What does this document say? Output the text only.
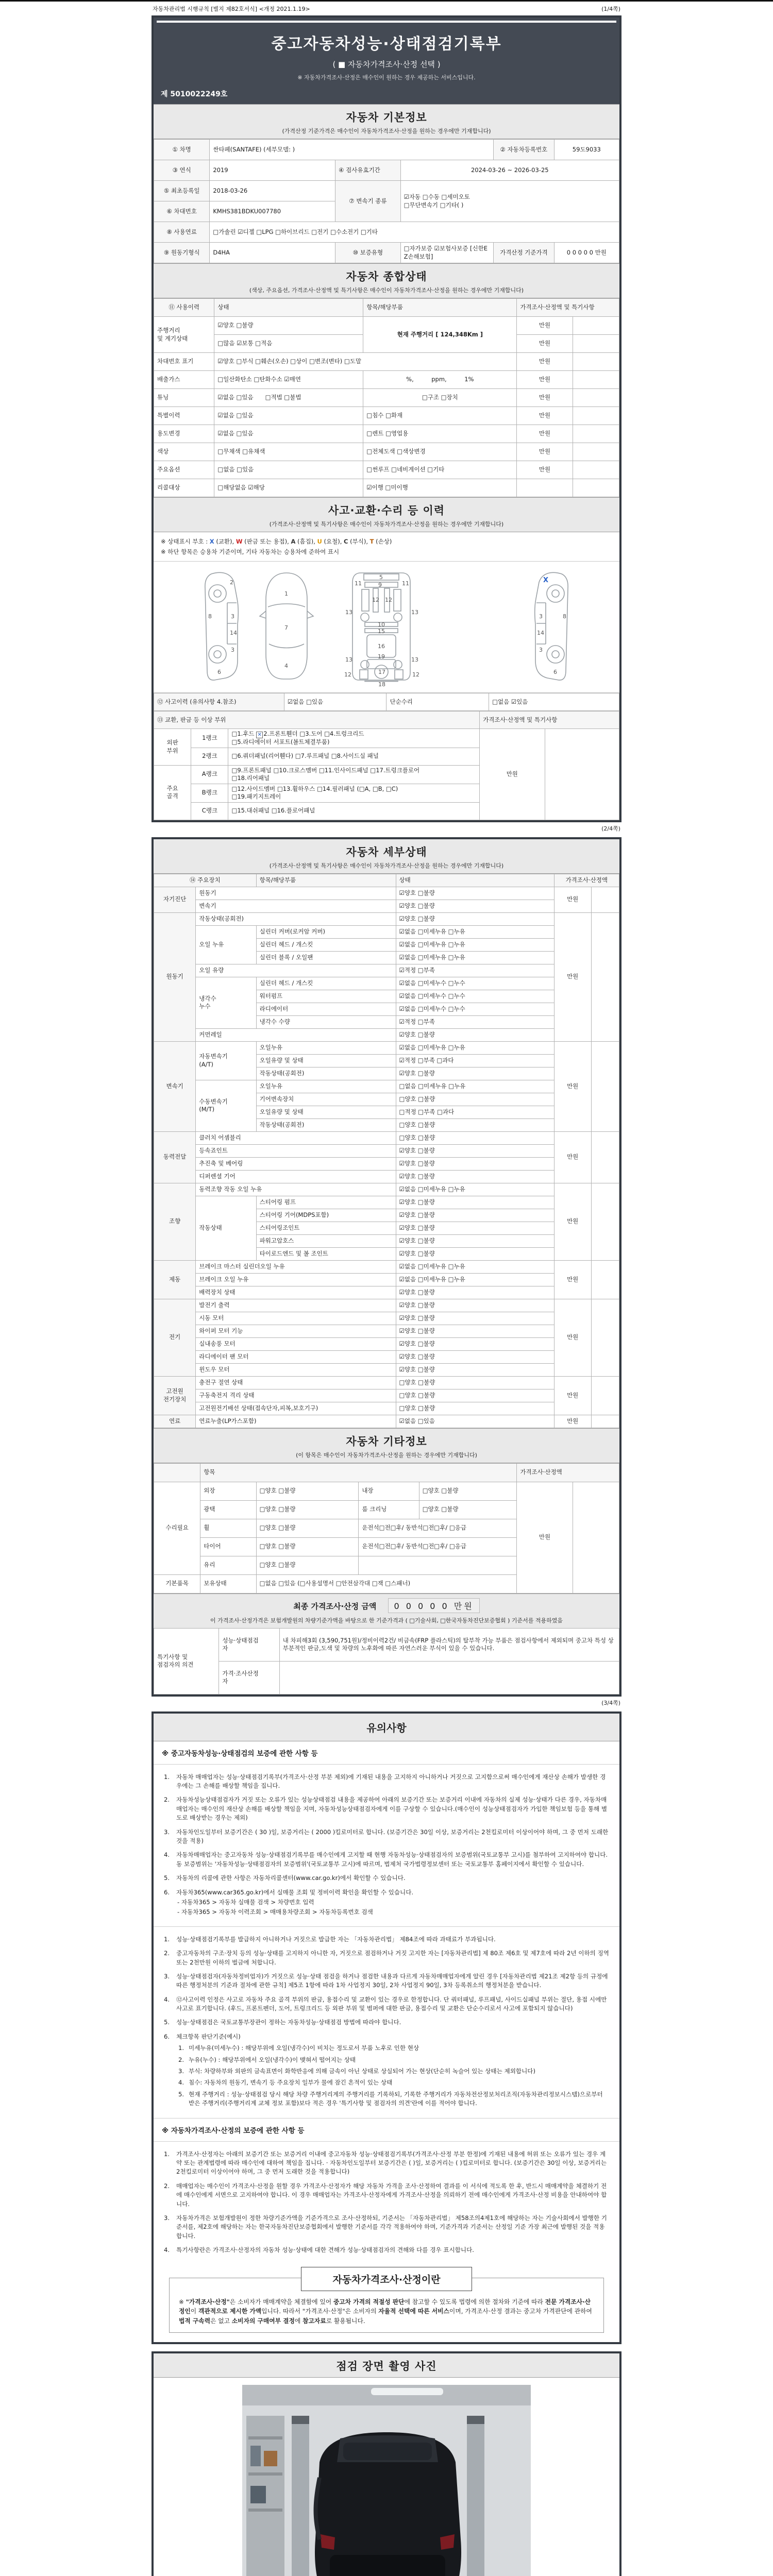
자동차관리법 시행규칙 [별지 제82호서식] <개정 2021.1.19>	(1/4쪽)
중고자동차성능·상태점검기록부
( ■ 자동차가격조사·산정 선택 )
※ 자동차가격조사·산정은 매수인이 원하는 경우 제공하는 서비스입니다.
제 5010022249호
자동차 기본정보
(가격산정 기준가격은 매수인이 자동차가격조사·산정을 원하는 경우에만 기재합니다)
① 차명	싼타페(SANTAFE) (세부모델: )			② 자동차등록번호	59도9033
③ 연식	2019	④ 검사유효기간	2024-03-26 ~ 2026-03-25		
⑤ 최초등록일	2018-03-26	⑦ 변속기 종류	☑자동 □수동 □세미오토
□무단변속기 □기타( )		
⑥ 차대번호	KMHS381BDKU007780				
⑧ 사용연료	□가솔린 ☑디젤 □LPG □하이브리드 □전기 □수소전기 □기타				
⑨ 원동기형식	D4HA	⑩ 보증유형	□자가보증 ☑보험사보증 [신한EZ손해보험]	가격산정 기준가격	0 0 0 0 0 만원
자동차 종합상태
(색상, 주요옵션, 가격조사·산정액 및 특기사항은 매수인이 자동차가격조사·산정을 원하는 경우에만 기재합니다)
⑪ 사용이력	상태	항목/해당부품	가격조사·산정액 및 특기사항	
주행거리
및 계기상태	☑양호 □불량	현재 주행거리 [ 124,348Km ]	만원	
	□많음 ☑보통 □적음		만원	
차대번호 표기	☑양호 □부식 □훼손(오손) □상이 □변조(변타) □도말		만원	
배출가스	□일산화탄소 □탄화수소 ☑매연	%,　　　ppm,　　　1%	만원	
튜닝	☑없음 □있음　　□적법 □불법	□구조 □장치	만원	
특별이력	☑없음 □있음	□침수 □화재	만원	
용도변경	☑없음 □있음	□렌트 □영업용	만원	
색상	□무채색 □유채색	□전체도색 □색상변경	만원	
주요옵션	□없음 □있음	□썬루프 □네비게이션 □기타	만원	
리콜대상	□해당없음 ☑해당	☑이행 □미이행		
사고·교환·수리 등 이력
(가격조사·산정액 및 특기사항은 매수인이 자동차가격조사·산정을 원하는 경우에만 기재합니다)
※ 상태표시 부호 : X (교환), W (판금 또는 용접), A (흠집), U (요철), C (부식), T (손상)
※ 하단 항목은 승용차 기준이며, 기타 자동차는 승용차에 준하여 표시
2
8	3
14
3
6
1
7
4
5
9
11	11
13	13
12 12
10
15
16
13	13
19
12	12
17
18
8
3
14
3
6
X
⑫ 사고이력 (유의사항 4.참조)	☑없음 □있음	단순수리	□없음 ☑있음
⑬ 교환, 판금 등 이상 부위			가격조사·산정액 및 특기사항	
외판
부위	1랭크	□1.후드 ✕ 2.프론트휀더 □3.도어 □4.트렁크리드
□5.라디에이터 서포트(볼트체결부품)	만원	
	2랭크	□6.쿼더패널(리어휀다) □7.루프패널 □8.사이드실 패널		
주요
골격	A랭크	□9.프론트패널 □10.크로스멤버 □11.인사이드패널 □17.트렁크플로어
□18.리어패널		
	B랭크	□12.사이드멤버 □13.휠하우스 □14.필러패널 (□A, □B, □C)
□19.패키지트레이		
	C랭크	□15.대쉬패널 □16.플로어패널		
(2/4쪽)
자동차 세부상태
(가격조사·산정액 및 특기사항은 매수인이 자동차가격조사·산정을 원하는 경우에만 기재합니다)
⑭ 주요장치		항목/해당부품	상태	가격조사·산정액	
자기진단	원동기		☑양호 □불량	만원	
	변속기		☑양호 □불량		
원동기	작동상태(공회전)		☑양호 □불량	만원	
	오일 누유	실린더 커버(로커암 커버)	☑없음 □미세누유 □누유		
		실린더 헤드 / 개스킷	☑없음 □미세누유 □누유		
		실린더 블록 / 오일팬	☑없음 □미세누유 □누유		
	오일 유량		☑적정 □부족		
	냉각수
누수	실린더 헤드 / 개스킷	☑없음 □미세누수 □누수		
		워터펌프	☑없음 □미세누수 □누수		
		라디에이터	☑없음 □미세누수 □누수		
		냉각수 수량	☑적정 □부족		
	커먼레일		☑양호 □불량		
변속기	자동변속기
(A/T)	오일누유	☑없음 □미세누유 □누유	만원	
		오일유량 및 상태	☑적정 □부족 □과다		
		작동상태(공회전)	☑양호 □불량		
	수동변속기
(M/T)	오일누유	□없음 □미세누유 □누유		
		기어변속장치	□양호 □불량		
		오일유량 및 상태	□적정 □부족 □과다		
		작동상태(공회전)	□양호 □불량		
동력전달	클러치 어셈블리		□양호 □불량	만원	
	등속죠인트		☑양호 □불량		
	추진축 및 베어링		☑양호 □불량		
	디퍼렌셜 기어		☑양호 □불량		
조향	동력조향 작동 오일 누유		☑없음 □미세누유 □누유	만원	
	작동상태	스티어링 펌프	☑양호 □불량		
		스티어링 기어(MDPS포함)	☑양호 □불량		
		스티어링조인트	☑양호 □불량		
		파워고압호스	☑양호 □불량		
		타이로드엔드 및 볼 조인트	☑양호 □불량		
제동	브레이크 마스터 실린더오일 누유		☑없음 □미세누유 □누유	만원	
	브레이크 오일 누유		☑없음 □미세누유 □누유		
	배력장치 상태		☑양호 □불량		
전기	발전기 출력		☑양호 □불량	만원	
	시동 모터		☑양호 □불량		
	와이퍼 모터 기능		☑양호 □불량		
	실내송풍 모터		☑양호 □불량		
	라디에이터 팬 모터		☑양호 □불량		
	윈도우 모터		☑양호 □불량		
고전원
전기장치	충전구 절연 상태		□양호 □불량	만원	
	구동축전지 격리 상태		□양호 □불량		
	고전원전기배선 상태(접속단자,피복,보호기구)		□양호 □불량		
연료	연료누출(LP가스포함)		☑없음 □있음	만원	
자동차 기타정보
(이 항목은 매수인이 자동차가격조사·산정을 원하는 경우에만 기재합니다)
	항목				가격조사·산정액	
수리필요	외장	□양호 □불량	내장	□양호 □불량	만원	
	광택	□양호 □불량	룸 크리닝	□양호 □불량		
	휠	□양호 □불량	운전석□전□후/ 동반석□전□후/ □응급			
	타이어	□양호 □불량	운전석□전□후/ 동반석□전□후/ □응급			
	유리	□양호 □불량				
기본품목	보유상태	□없음 □있음 (□사용설명서 □안전삼각대 □잭 □스패너)				
최종 가격조사·산정 금액 0 0 0 0 0 만원
이 가격조사·산정가격은 보험개발원의 차량기준가액을 바탕으로 한 기준가격과 ( □기술사회, □한국자동차진단보증협회 ) 기준서를 적용하였음
특기사항 및
점검자의 의견	성능·상태점검
자	내 차피해3회 (3,590,751원)/정비이력2건/ 비금속(FRP 플라스틱)의 탈부착 가능 부품은 점검사항에서 제외되며 중고차 특성 상 부분적인 판금,도색 및 차량의 노후화에 따른 자연스러운 부식이 있을 수 있습니다.
	가격·조사산정
자	
(3/4쪽)
유의사항
※ 중고자동차성능·상태점검의 보증에 관한 사항 등
1.	자동차 매매업자는 성능·상태점검기록부(가격조사·산정 부분 제외)에 기재된 내용을 고지하지 아니하거나 거짓으로 고지함으로써 매수인에게 재산상 손해가 발생한 경우에는 그 손해를 배상할 책임을 집니다.
2.	자동차성능상태점검자가 거짓 또는 오류가 있는 성능상태점검 내용을 제공하여 아래의 보증기간 또는 보증거리 이내에 자동차의 실제 성능·상태가 다른 경우, 자동차매매업자는 매수인의 재산상 손해를 배상할 책임을 지며, 자동차성능상태점검자에게 이를 구상할 수 있습니다.(매수인이 성능상태점검자가 가입한 책임보험 등을 통해 별도로 배상받는 경우는 제외)
3.	자동차인도일부터 보증기간은 ( 30 )일, 보증거리는 ( 2000 )킬로미터로 합니다. (보증기간은 30일 이상, 보증거리는 2천킬로미터 이상이어야 하며, 그 중 먼저 도래한 것을 적용)
4.	자동차매매업자는 중고자동차 성능·상태점검기록부를 매수인에게 고지할 때 현행 자동차성능·상태점검자의 보증범위(국토교통부 고시)를 첨부하여 고지하여야 합니다. 동 보증범위는 '자동차성능·상태점검자의 보증범위'(국토교통부 고시)에 따르며, 법제처 국가법령정보센터 또는 국토교통부 홈페이지에서 확인할 수 있습니다.
5.	자동차의 리콜에 관한 사항은 자동차리콜센터(www.car.go.kr)에서 확인할 수 있습니다.
6.	자동차365(www.car365.go.kr)에서 실매물 조회 및 정비이력 확인을 확인할 수 있습니다.
- 자동차365 > 자동차 실매물 검색 > 차량번호 입력
- 자동차365 > 자동차 이력조회 > 매매용차량조회 > 자동차등록번호 검색
1.	성능·상태점검기록부를 발급하지 아니하거나 거짓으로 발급한 자는 「자동차관리법」 제84조에 따라 과태료가 부과됩니다.
2.	중고자동차의 구조·장치 등의 성능·상태를 고지하지 아니한 자, 거짓으로 점검하거나 거짓 고지한 자는 [자동차관리법] 제 80조 제6호 및 제7호에 따라 2년 이하의 징역 또는 2천만원 이하의 벌금에 처합니다.
3.	성능·상태점검자(자동차정비업자)가 거짓으로 성능·상태 점검을 하거나 점검한 내용과 다르게 자동차매매업자에게 알린 경우 [자동차관리법 제21조 제2항 등의 규정에 따른 행정처분의 기준과 절차에 관한 규칙] 제5조 1항에 따라 1차 사업정지 30일, 2차 사업정지 90일, 3차 등록취소의 행정처분을 받습니다.
4.	⑫사고이력 인정은 사고로 자동차 주요 골격 부위의 판금, 용접수리 및 교환이 있는 경우로 한정합니다. 단 쿼터패널, 루프패널, 사이드실패널 부위는 절단, 용접 시에만 사고로 표기합니다. (후드, 프론트펜더, 도어, 트렁크리드 등 외판 부위 및 범퍼에 대한 판금, 용접수리 및 교환은 단순수리로서 사고에 포함되지 않습니다)
5.	성능·상태점검은 국토교통부장관이 정하는 자동차성능·상태점검 방법에 따라야 합니다.
6.	체크항목 판단기준(예시)
1. 미세누유(미세누수) : 해당부위에 오일(냉각수)이 비치는 정도로서 부품 노후로 인한 현상
2. 누유(누수) : 해당부위에서 오일(냉각수)이 맺혀서 떨어지는 상태
3. 부식: 차량하부와 외판의 금속표면이 화학반응에 의해 금속이 아닌 상태로 상실되어 가는 현상(단순히 녹슬어 있는 상태는 제외합니다)
4. 침수: 자동차의 원동기, 변속기 등 주요장치 일부가 물에 잠긴 흔적이 있는 상태
5. 현재 주행거리 : 성능·상태점검 당시 해당 차량 주행거리계의 주행거리를 기록하되, 기록한 주행거리가 자동차전산정보처리조직(자동차관리정보시스템)으로부터 받은 주행거리(주행거리계 교체 정보 포함)보다 적은 경우 '특기사항 및 점검자의 의견'란에 이를 적어야 합니다.
※ 자동차가격조사·산정의 보증에 관한 사항 등
1.	가격조사·산정자는 아래의 보증기간 또는 보증거리 이내에 중고자동차 성능·상태점검기록부(가격조사·산정 부분 한정)에 기재된 내용에 허위 또는 오류가 있는 경우 계약 또는 관계법령에 따라 매수인에 대하여 책임을 집니다. · 자동차인도일부터 보증기간은 ( )일, 보증거리는 ( )킬로미터로 합니다. (보증기간은 30일 이상, 보증거리는 2천킬로미터 이상이어야 하며, 그 중 먼저 도래한 것을 적용합니다)
2.	매매업자는 매수인이 가격조사·산정을 원할 경우 가격조사·산정자가 해당 자동차 가격을 조사·산정하여 결과를 이 서식에 적도록 한 후, 반드시 매매계약을 체결하기 전에 매수인에게 서면으로 고지하여야 합니다. 이 경우 매매업자는 가격조사·산정자에게 가격조사·산정을 의뢰하기 전에 매수인에게 가격조사·산정 비용을 안내하여야 합니다.
3.	자동차가격은 보험개발원이 정한 차량기준가액을 기준가격으로 조사·산정하되, 기준서는 「자동차관리법」 제58조의4제1호에 해당하는 자는 기술사회에서 발행한 기준서를, 제2호에 해당하는 자는 한국자동차진단보증협회에서 발행한 기준서를 각각 적용하여야 하며, 기준가격과 기준서는 산정일 기준 가장 최근에 발행된 것을 적용합니다.
4.	특기사항란은 가격조사·산정자의 자동차 성능·상태에 대한 견해가 성능·상태점검자의 견해와 다를 경우 표시합니다.
자동차가격조사·산정이란
※ "가격조사·산정"은 소비자가 매매계약을 체결함에 있어 중고차 가격의 적절성 판단에 참고할 수 있도록 법령에 의한 절차와 기준에 따라 전문 가격조사·산정인이 객관적으로 제시한 가액입니다. 따라서 "가격조사·산정"은 소비자의 자율적 선택에 따른 서비스이며, 가격조사·산정 결과는 중고차 가격판단에 관하여 법적 구속력은 없고 소비자의 구매여부 결정에 참고자료로 활용됩니다.
점검 장면 촬영 사진
